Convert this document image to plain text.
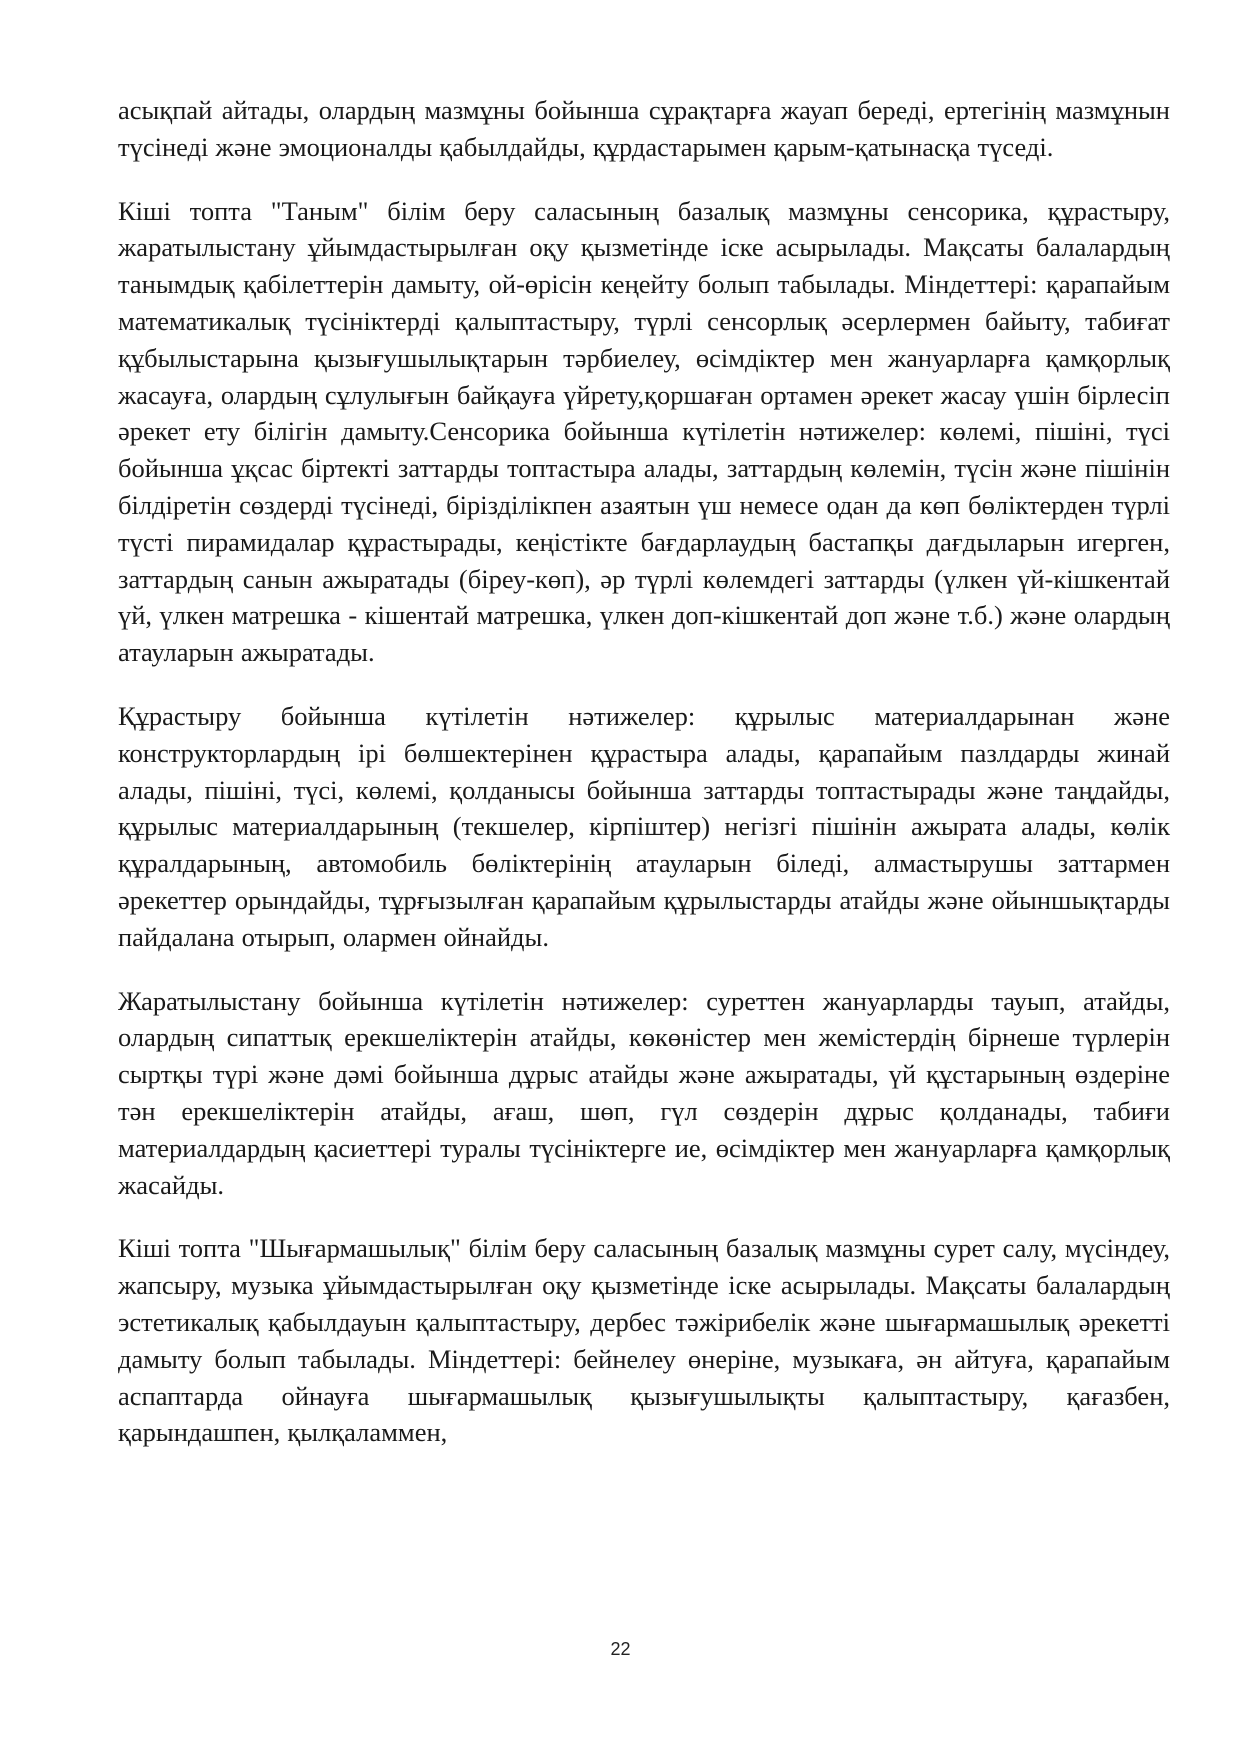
асықпай айтады, олардың мазмұны бойынша сұрақтарға жауап береді, ертегінің мазмұнын түсінеді және эмоционалды қабылдайды, құрдастарымен қарым-қатынасқа түседі.

Кіші топта "Таным" білім беру саласының базалық мазмұны сенсорика, құрастыру, жаратылыстану ұйымдастырылған оқу қызметінде іске асырылады. Мақсаты балалардың танымдық қабілеттерін дамыту, ой-өрісін кеңейту болып табылады. Міндеттері: қарапайым математикалық түсініктерді қалыптастыру, түрлі сенсорлық әсерлермен байыту, табиғат құбылыстарына қызығушылықтарын тәрбиелеу, өсімдіктер мен жануарларға қамқорлық жасауға, олардың сұлулығын байқауға үйрету,қоршаған ортамен әрекет жасау үшін бірлесіп әрекет ету білігін дамыту.Сенсорика бойынша күтілетін нәтижелер: көлемі, пішіні, түсі бойынша ұқсас біртекті заттарды топтастыра алады, заттардың көлемін, түсін және пішінін білдіретін сөздерді түсінеді, бірізділікпен азаятын үш немесе одан да көп бөліктерден түрлі түсті пирамидалар құрастырады, кеңістікте бағдарлаудың бастапқы дағдыларын игерген, заттардың санын ажыратады (біреу-көп), әр түрлі көлемдегі заттарды (үлкен үй-кішкентай үй, үлкен матрешка - кішентай матрешка, үлкен доп-кішкентай доп және т.б.) және олардың атауларын ажыратады.

Құрастыру бойынша күтілетін нәтижелер: құрылыс материалдарынан және конструкторлардың ірі бөлшектерінен құрастыра алады, қарапайым пазлдарды жинай алады, пішіні, түсі, көлемі, қолданысы бойынша заттарды топтастырады және таңдайды, құрылыс материалдарының (текшелер, кірпіштер) негізгі пішінін ажырата алады, көлік құралдарының, автомобиль бөліктерінің атауларын біледі, алмастырушы заттармен әрекеттер орындайды, тұрғызылған қарапайым құрылыстарды атайды және ойыншықтарды пайдалана отырып, олармен ойнайды.

Жаратылыстану бойынша күтілетін нәтижелер: суреттен жануарларды тауып, атайды, олардың сипаттық ерекшеліктерін атайды, көкөністер мен жемістердің бірнеше түрлерін сыртқы түрі және дәмі бойынша дұрыс атайды және ажыратады, үй құстарының өздеріне тән ерекшеліктерін атайды, ағаш, шөп, гүл сөздерін дұрыс қолданады, табиғи материалдардың қасиеттері туралы түсініктерге ие, өсімдіктер мен жануарларға қамқорлық жасайды.

Кіші топта "Шығармашылық" білім беру саласының базалық мазмұны сурет салу, мүсіндеу, жапсыру, музыка ұйымдастырылған оқу қызметінде іске асырылады. Мақсаты балалардың эстетикалық қабылдауын қалыптастыру, дербес тәжірибелік және шығармашылық әрекетті дамыту болып табылады. Міндеттері: бейнелеу өнеріне, музыкаға, ән айтуға, қарапайым аспаптарда ойнауға шығармашылық қызығушылықты қалыптастыру, қағазбен, қарындашпен, қылқаламмен,

22
